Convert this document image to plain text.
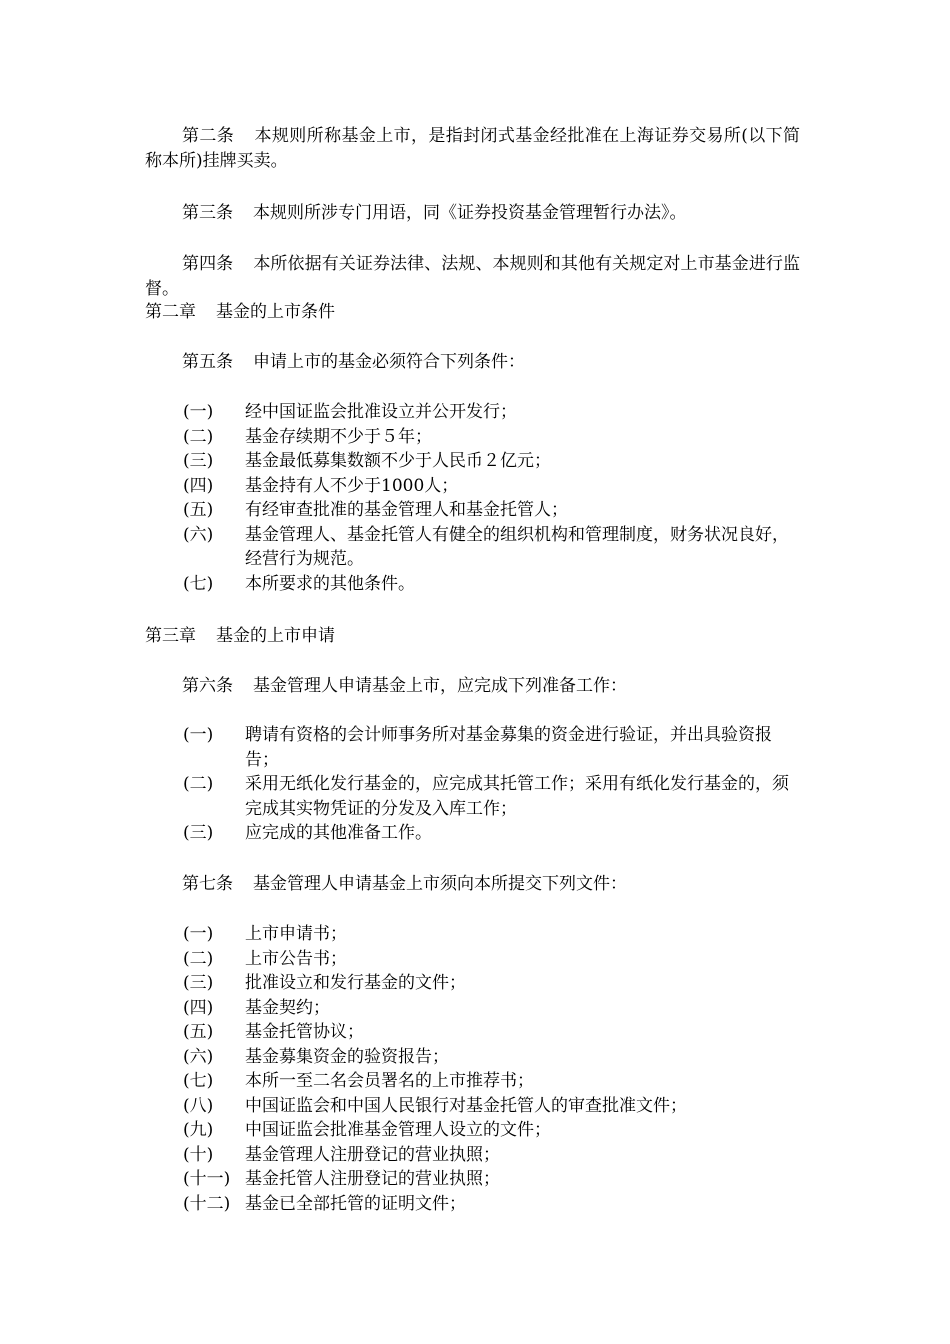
第二条 本规则所称基金上市，是指封闭式基金经批准在上海证券交易所(以下简称本所)挂牌买卖。

第三条 本规则所涉专门用语，同《证券投资基金管理暂行办法》。

第四条 本所依据有关证券法律、法规、本规则和其他有关规定对上市基金进行监督。

第二章 基金的上市条件

第五条 申请上市的基金必须符合下列条件：

(一) 经中国证监会批准设立并公开发行；
(二) 基金存续期不少于５年；
(三) 基金最低募集数额不少于人民币２亿元；
(四) 基金持有人不少于1000人；
(五) 有经审查批准的基金管理人和基金托管人；
(六) 基金管理人、基金托管人有健全的组织机构和管理制度，财务状况良好，经营行为规范。
(七) 本所要求的其他条件。

第三章 基金的上市申请

第六条 基金管理人申请基金上市，应完成下列准备工作：

(一) 聘请有资格的会计师事务所对基金募集的资金进行验证，并出具验资报告；
(二) 采用无纸化发行基金的，应完成其托管工作；采用有纸化发行基金的，须完成其实物凭证的分发及入库工作；
(三) 应完成的其他准备工作。

第七条 基金管理人申请基金上市须向本所提交下列文件：

(一) 上市申请书；
(二) 上市公告书；
(三) 批准设立和发行基金的文件；
(四) 基金契约；
(五) 基金托管协议；
(六) 基金募集资金的验资报告；
(七) 本所一至二名会员署名的上市推荐书；
(八) 中国证监会和中国人民银行对基金托管人的审查批准文件；
(九) 中国证监会批准基金管理人设立的文件；
(十) 基金管理人注册登记的营业执照；
(十一) 基金托管人注册登记的营业执照；
(十二) 基金已全部托管的证明文件；
